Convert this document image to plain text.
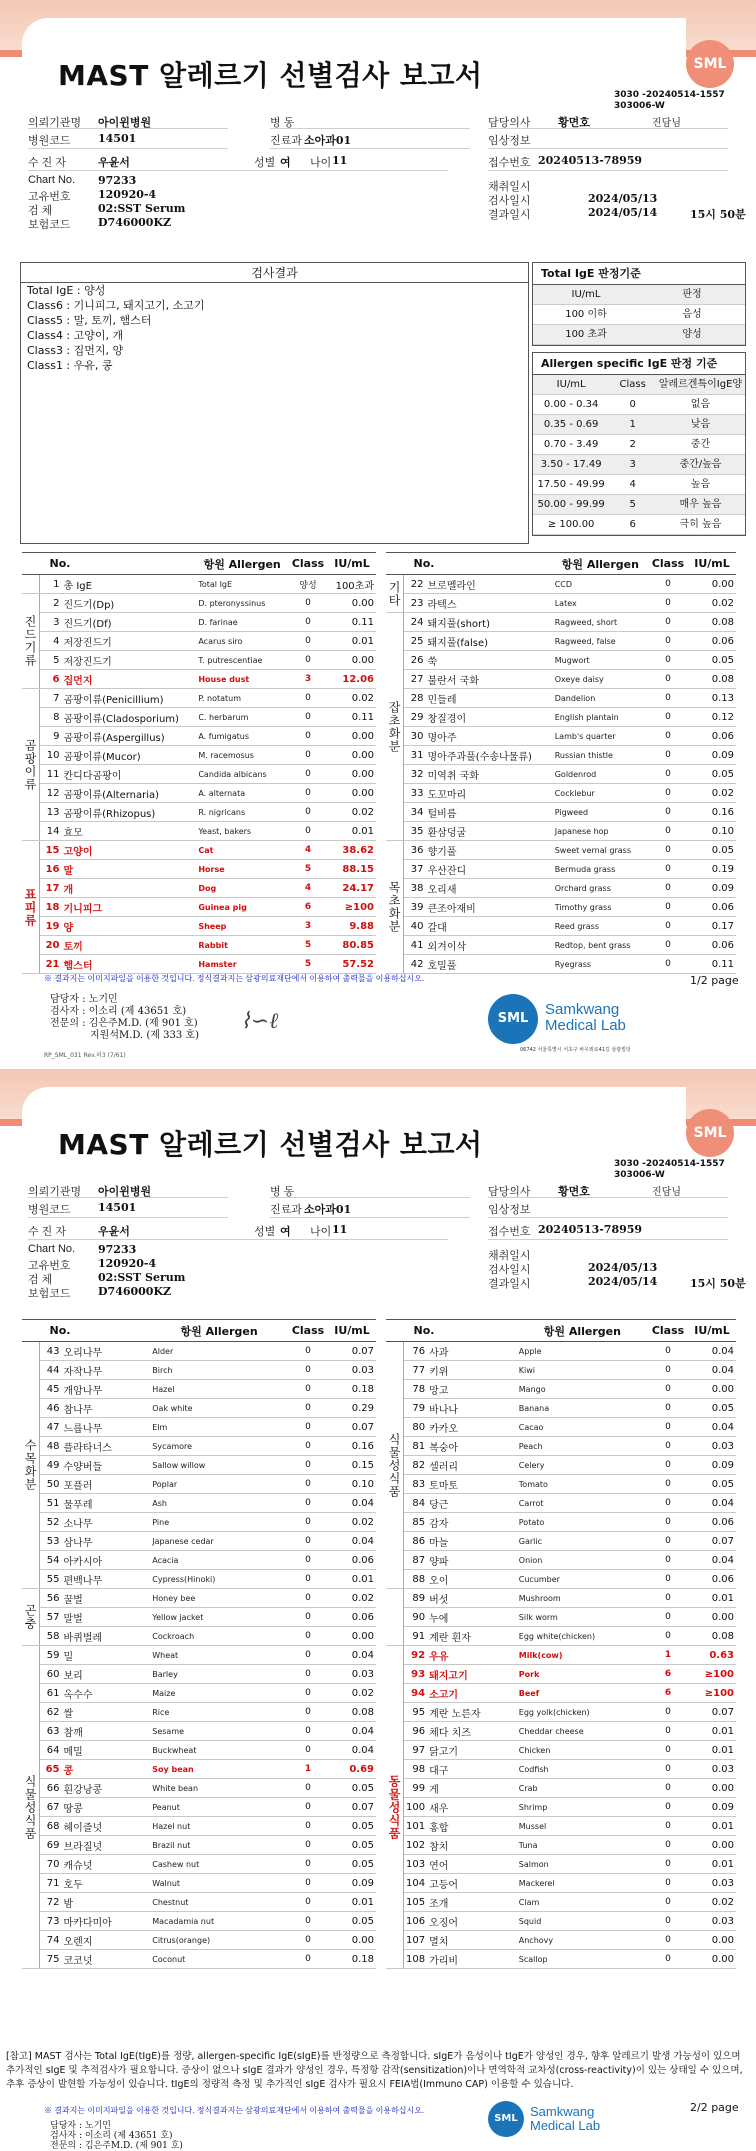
MAST 알레르기 선별검사 보고서	SML
3030 -20240514-1557
303006-W
의뢰기관명 아이윈병원	병 동	담당의사 황면호	진담님
병원코드 14501	진료과 소아과01	임상정보
수 진 자	우윤서	성별 여 나이 11	접수번호 20240513-78959
Chart No. 97233
고유번호 120920-4
검 체	02:SST Serum
보험코드 D746000KZ
채취일시
검사일시	2024/05/13
결과일시	2024/05/14	15시 50분
검사결과
Total IgE : 양성
Class6 : 기니피그, 돼지고기, 소고기
Class5 : 말, 토끼, 햄스터
Class4 : 고양이, 개
Class3 : 집먼지, 양
Class1 : 우유, 콩
Total IgE 판정기준
IU/mL	판정
100 이하	음성
100 초과	양성
Allergen specific IgE 판정 기준
IU/mL	Class	알레르겐특이IgE양
0.00 - 0.34	0	없음
0.35 - 0.69	1	낮음
0.70 - 3.49	2	중간
3.50 - 17.49	3	중간/높음
17.50 - 49.99	4	높음
50.00 - 99.99	5	매우 높음
≥ 100.00	6	극히 높음
	No.		항원 Allergen	Class	IU/mL
	1	총 IgE	Total IgE	양성	100초과
진드기류	2	진드기(Dp)	D. pteronyssinus	0	0.00
	3	진드기(Df)	D. farinae	0	0.11
	4	저장진드기	Acarus siro	0	0.01
	5	저장진드기	T. putrescentiae	0	0.00
	6	집먼지	House dust	3	12.06
곰팡이류	7	곰팡이류(Penicillium)	P. notatum	0	0.02
	8	곰팡이류(Cladosporium)	C. herbarum	0	0.11
	9	곰팡이류(Aspergillus)	A. fumigatus	0	0.00
	10	곰팡이류(Mucor)	M. racemosus	0	0.00
	11	칸디다곰팡이	Candida albicans	0	0.00
	12	곰팡이류(Alternaria)	A. alternata	0	0.00
	13	곰팡이류(Rhizopus)	R. nigricans	0	0.02
	14	효모	Yeast, bakers	0	0.01
표피류	15	고양이	Cat	4	38.62
	16	말	Horse	5	88.15
	17	개	Dog	4	24.17
	18	기니피그	Guinea pig	6	≥100
	19	양	Sheep	3	9.88
	20	토끼	Rabbit	5	80.85
	21	햄스터	Hamster	5	57.52
	No.		항원 Allergen	Class	IU/mL
기타	22	브로멜라인	CCD	0	0.00
	23	라텍스	Latex	0	0.02
잡초화분	24	돼지풀(short)	Ragweed, short	0	0.08
	25	돼지풀(false)	Ragweed, false	0	0.06
	26	쑥	Mugwort	0	0.05
	27	불란서 국화	Oxeye daisy	0	0.08
	28	민들레	Dandelion	0	0.13
	29	창질경이	English plantain	0	0.12
	30	명아주	Lamb's quarter	0	0.06
	31	명아주과풀(수송나물류)	Russian thistle	0	0.09
	32	미역취 국화	Goldenrod	0	0.05
	33	도꼬마리	Cocklebur	0	0.02
	34	털비름	Pigweed	0	0.16
	35	환삼덩굴	Japanese hop	0	0.10
목초화분	36	향기풀	Sweet vernal grass	0	0.05
	37	우산잔디	Bermuda grass	0	0.19
	38	오리새	Orchard grass	0	0.09
	39	큰조아재비	Timothy grass	0	0.06
	40	갈대	Reed grass	0	0.17
	41	외겨이삭	Redtop, bent grass	0	0.06
	42	호밀풀	Ryegrass	0	0.11
※ 결과지는 이미지파일을 이용한 것입니다. 정식결과지는 삼광의료재단에서 이용하여 출력물을 이용하십시오.	1/2 page
담당자 : 노기민
검사자 : 이소리 (제 43651 호)
전문의 : 김은주M.D. (제 901 호)
지원석M.D. (제 333 호)
⌇∽ℓ	SML
Samkwang
Medical Lab
06742 서울특별시 서초구 바우뫼로41길 삼광빌딩
RP_SML_031 Rev.허3 (7/61)
MAST 알레르기 선별검사 보고서	SML
3030 -20240514-1557
303006-W
의뢰기관명 아이윈병원	병 동	담당의사 황면호	진담님
병원코드 14501	진료과 소아과01	임상정보
수 진 자	우윤서	성별 여 나이 11	접수번호 20240513-78959
Chart No. 97233
고유번호 120920-4
검 체	02:SST Serum
보험코드 D746000KZ
채취일시
검사일시	2024/05/13
결과일시	2024/05/14	15시 50분
	No.		항원 Allergen	Class	IU/mL
수목화분	43	오리나무	Alder	0	0.07
	44	자작나무	Birch	0	0.03
	45	개암나무	Hazel	0	0.18
	46	참나무	Oak white	0	0.29
	47	느릅나무	Elm	0	0.07
	48	플라타너스	Sycamore	0	0.16
	49	수양버들	Sallow willow	0	0.15
	50	포플러	Poplar	0	0.10
	51	물푸레	Ash	0	0.04
	52	소나무	Pine	0	0.02
	53	삼나무	Japanese cedar	0	0.04
	54	아카시아	Acacia	0	0.06
	55	편백나무	Cypress(Hinoki)	0	0.01
곤충	56	꿀벌	Honey bee	0	0.02
	57	말벌	Yellow jacket	0	0.06
	58	바퀴벌레	Cockroach	0	0.00
식물성식품	59	밀	Wheat	0	0.04
	60	보리	Barley	0	0.03
	61	옥수수	Maize	0	0.02
	62	쌀	Rice	0	0.08
	63	참깨	Sesame	0	0.04
	64	메밀	Buckwheat	0	0.04
	65	콩	Soy bean	1	0.69
	66	흰강낭콩	White bean	0	0.05
	67	땅콩	Peanut	0	0.07
	68	헤이즐넛	Hazel nut	0	0.05
	69	브라질넛	Brazil nut	0	0.05
	70	캐슈넛	Cashew nut	0	0.05
	71	호두	Walnut	0	0.09
	72	밤	Chestnut	0	0.01
	73	마카다미아	Macadamia nut	0	0.05
	74	오렌지	Citrus(orange)	0	0.00
	75	코코넛	Coconut	0	0.18
	No.		항원 Allergen	Class	IU/mL
식물성식품	76	사과	Apple	0	0.04
	77	키위	Kiwi	0	0.04
	78	망고	Mango	0	0.00
	79	바나나	Banana	0	0.05
	80	카카오	Cacao	0	0.04
	81	복숭아	Peach	0	0.03
	82	셀러리	Celery	0	0.09
	83	토마토	Tomato	0	0.05
	84	당근	Carrot	0	0.04
	85	감자	Potato	0	0.06
	86	마늘	Garlic	0	0.07
	87	양파	Onion	0	0.04
	88	오이	Cucumber	0	0.06
	89	버섯	Mushroom	0	0.01
	90	누에	Silk worm	0	0.00
	91	계란 흰자	Egg white(chicken)	0	0.08
동물성식품	92	우유	Milk(cow)	1	0.63
	93	돼지고기	Pork	6	≥100
	94	소고기	Beef	6	≥100
	95	계란 노른자	Egg yolk(chicken)	0	0.07
	96	체다 치즈	Cheddar cheese	0	0.01
	97	닭고기	Chicken	0	0.01
	98	대구	Codfish	0	0.03
	99	게	Crab	0	0.00
	100	새우	Shrimp	0	0.09
	101	홍합	Mussel	0	0.01
	102	참치	Tuna	0	0.00
	103	연어	Salmon	0	0.01
	104	고등어	Mackerel	0	0.03
	105	조개	Clam	0	0.02
	106	오징어	Squid	0	0.03
	107	멸치	Anchovy	0	0.00
	108	가리비	Scallop	0	0.00
[참고] MAST 검사는 Total IgE(tIgE)를 정량, allergen-specific IgE(sIgE)를 반정량으로 측정합니다. sIgE가 음성이나 tIgE가 양성인 경우, 향후 알레르기 발생 가능성이 있으며 추가적인 sIgE 및 추적검사가 필요합니다. 증상이 없으나 sIgE 결과가 양성인 경우, 특정항 감작(sensitization)이나 면역학적 교차성(cross-reactivity)이 있는 상태일 수 있으며, 추후 증상이 발현할 가능성이 있습니다. tIgE의 정량적 측정 및 추가적인 sIgE 검사가 필요시 FEIA법(Immuno CAP) 이용할 수 있습니다.
※ 결과지는 이미지파일을 이용한 것입니다. 정식결과지는 삼광의료재단에서 이용하여 출력물을 이용하십시오.	2/2 page
담당자 : 노기민
검사자 : 이소리 (제 43651 호)
전문의 : 김은주M.D. (제 901 호)
SML Samkwang
Medical Lab
